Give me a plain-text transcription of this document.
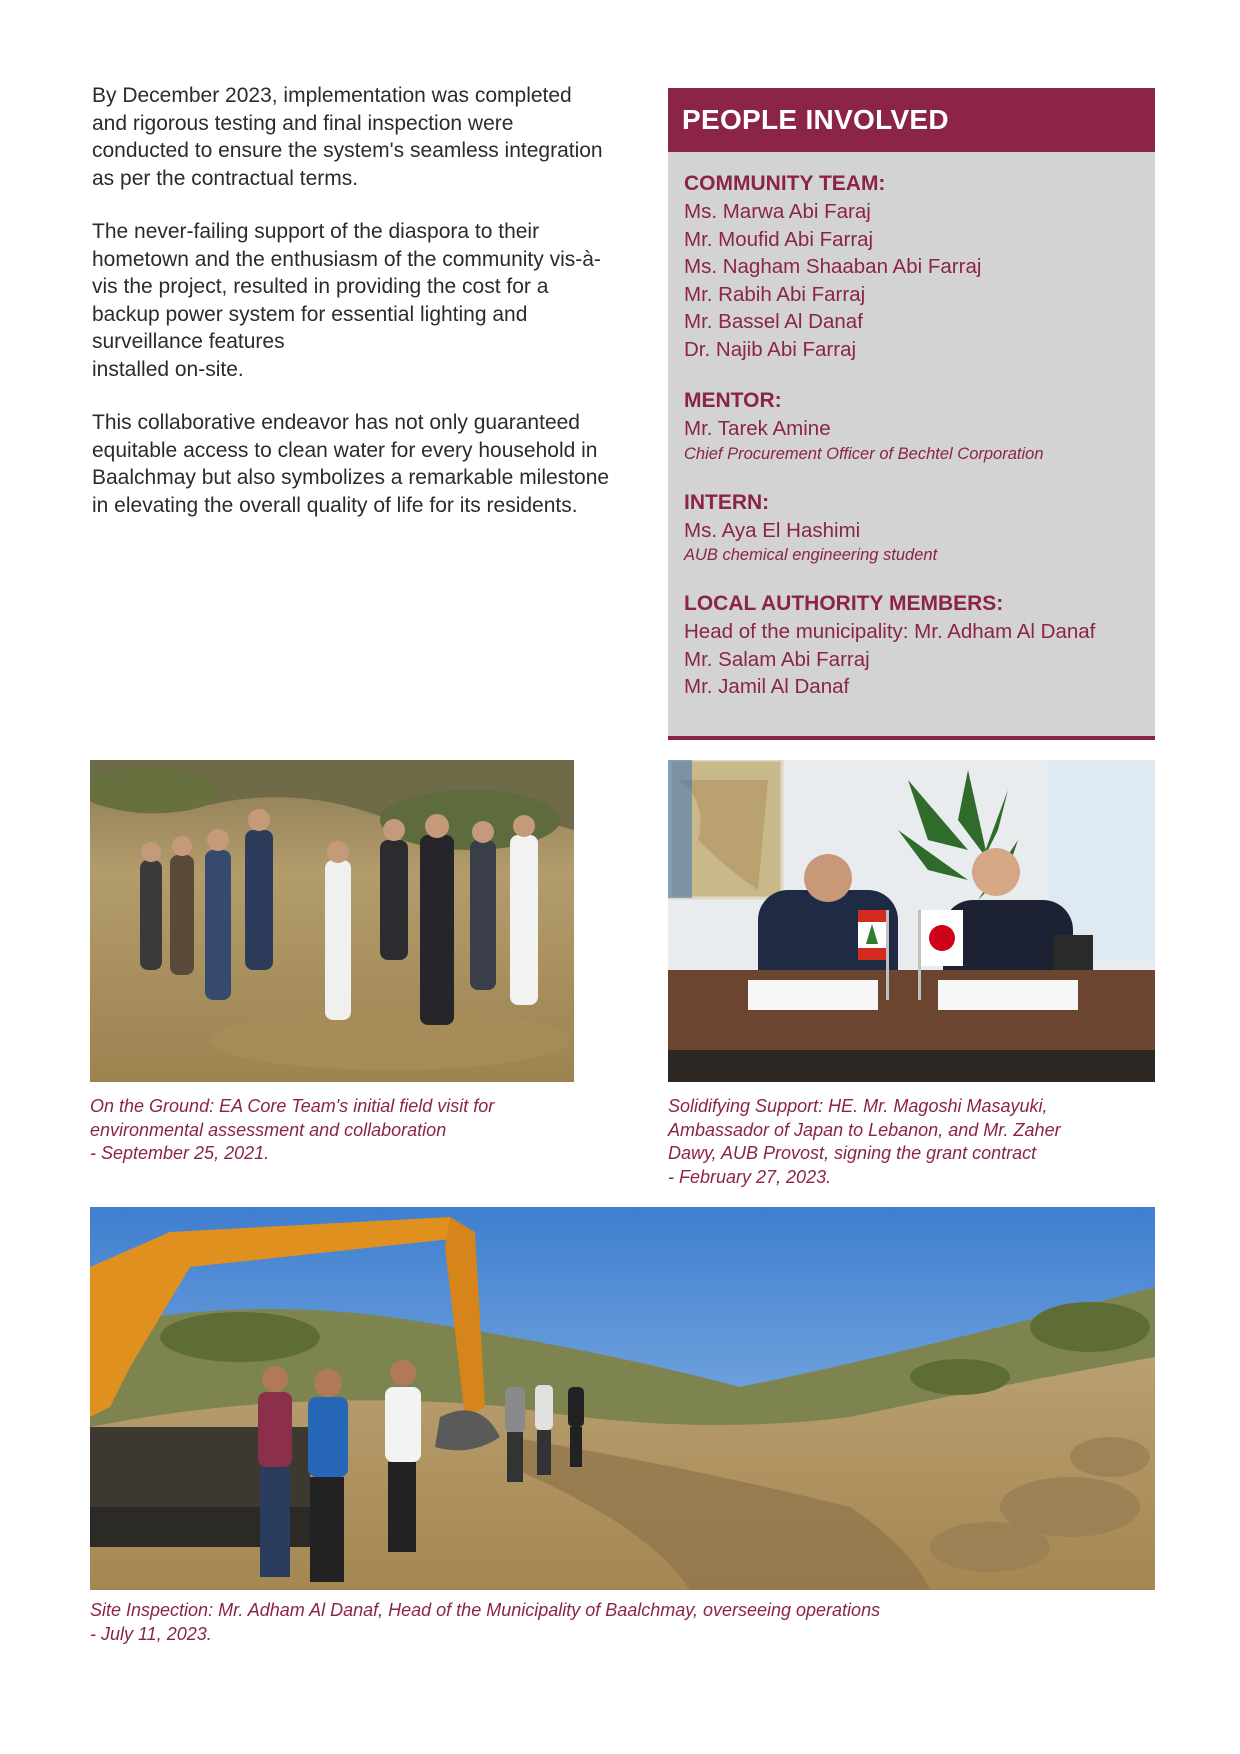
By December 2023, implementation was completed and rigorous testing and final inspection were conducted to ensure the system's seamless integration as per the contractual terms.

The never-failing support of the diaspora to their hometown and the enthusiasm of the community vis-à-vis the project, resulted in providing the cost for a backup power system for essential lighting and surveillance features
installed on-site.

This collaborative endeavor has not only guaranteed equitable access to clean water for every household in Baalchmay but also symbolizes a remarkable milestone in elevating the overall quality of life for its residents.

PEOPLE INVOLVED
COMMUNITY TEAM:
Ms. Marwa Abi Faraj
Mr. Moufid Abi Farraj
Ms. Nagham Shaaban Abi Farraj
Mr. Rabih Abi Farraj
Mr. Bassel Al Danaf
Dr. Najib Abi Farraj
MENTOR:
Mr. Tarek Amine
Chief Procurement Officer of Bechtel Corporation
INTERN:
Ms. Aya El Hashimi
AUB chemical engineering student
LOCAL AUTHORITY MEMBERS:
Head of the municipality: Mr. Adham Al Danaf
Mr. Salam Abi Farraj
Mr. Jamil Al Danaf
On the Ground: EA Core Team's initial field visit for
environmental assessment and collaboration
- September 25, 2021.
Solidifying Support: HE. Mr. Magoshi Masayuki,
Ambassador of Japan to Lebanon, and Mr. Zaher
Dawy, AUB Provost, signing the grant contract
- February 27, 2023.
Site Inspection: Mr. Adham Al Danaf, Head of the Municipality of Baalchmay, overseeing operations
- July 11, 2023.
